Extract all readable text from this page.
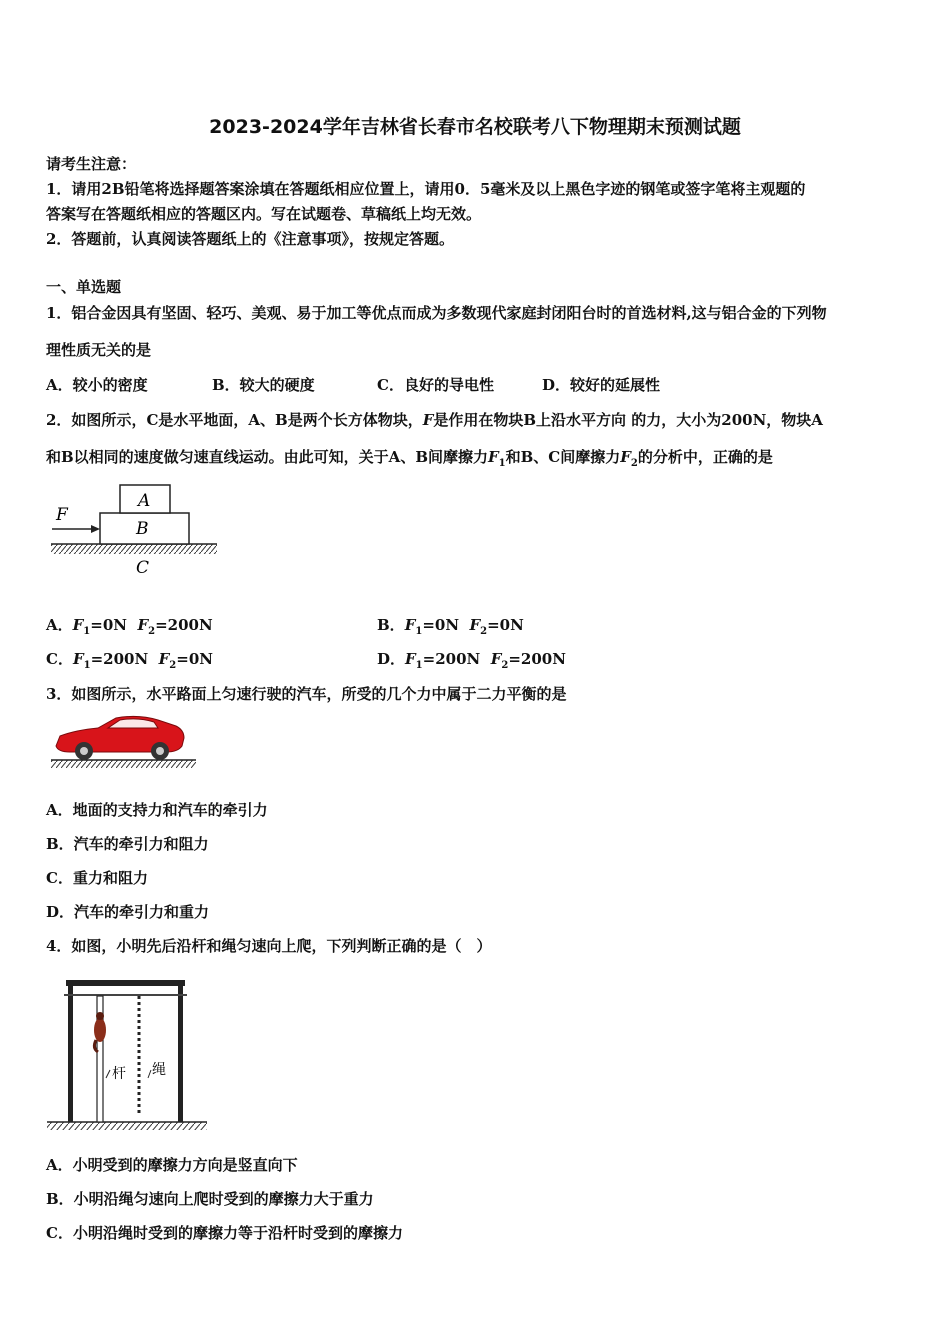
2023-2024学年吉林省长春市名校联考八下物理期末预测试题
请考生注意：
1．请用2B铅笔将选择题答案涂填在答题纸相应位置上，请用0．5毫米及以上黑色字迹的钢笔或签字笔将主观题的
答案写在答题纸相应的答题区内。写在试题卷、草稿纸上均无效。
2．答题前，认真阅读答题纸上的《注意事项》，按规定答题。
一、单选题
1．铝合金因具有坚固、轻巧、美观、易于加工等优点而成为多数现代家庭封闭阳台时的首选材料,这与铝合金的下列物
理性质无关的是
A．较小的密度	B．较大的硬度	C．良好的导电性	D．较好的延展性
2．如图所示，C是水平地面，A、B是两个长方体物块，F是作用在物块B上沿水平方向 的力，大小为200N，物块A
和B以相同的速度做匀速直线运动。由此可知，关于A、B间摩擦力$F_1$和B、C间摩擦力$F_2$的分析中，正确的是
A
B
C
F
A．$F_1=0N$ $F_2=200N$	B．$F_1=0N$ $F_2=0N$
C．$F_1=200N$ $F_2=0N$	D．$F_1=200N$ $F_2=200N$
3．如图所示，水平路面上匀速行驶的汽车，所受的几个力中属于二力平衡的是
A．地面的支持力和汽车的牵引力
B．汽车的牵引力和阻力
C．重力和阻力
D．汽车的牵引力和重力
4．如图，小明先后沿杆和绳匀速向上爬，下列判断正确的是（　）
杆 绳
A．小明受到的摩擦力方向是竖直向下
B．小明沿绳匀速向上爬时受到的摩擦力大于重力
C．小明沿绳时受到的摩擦力等于沿杆时受到的摩擦力
